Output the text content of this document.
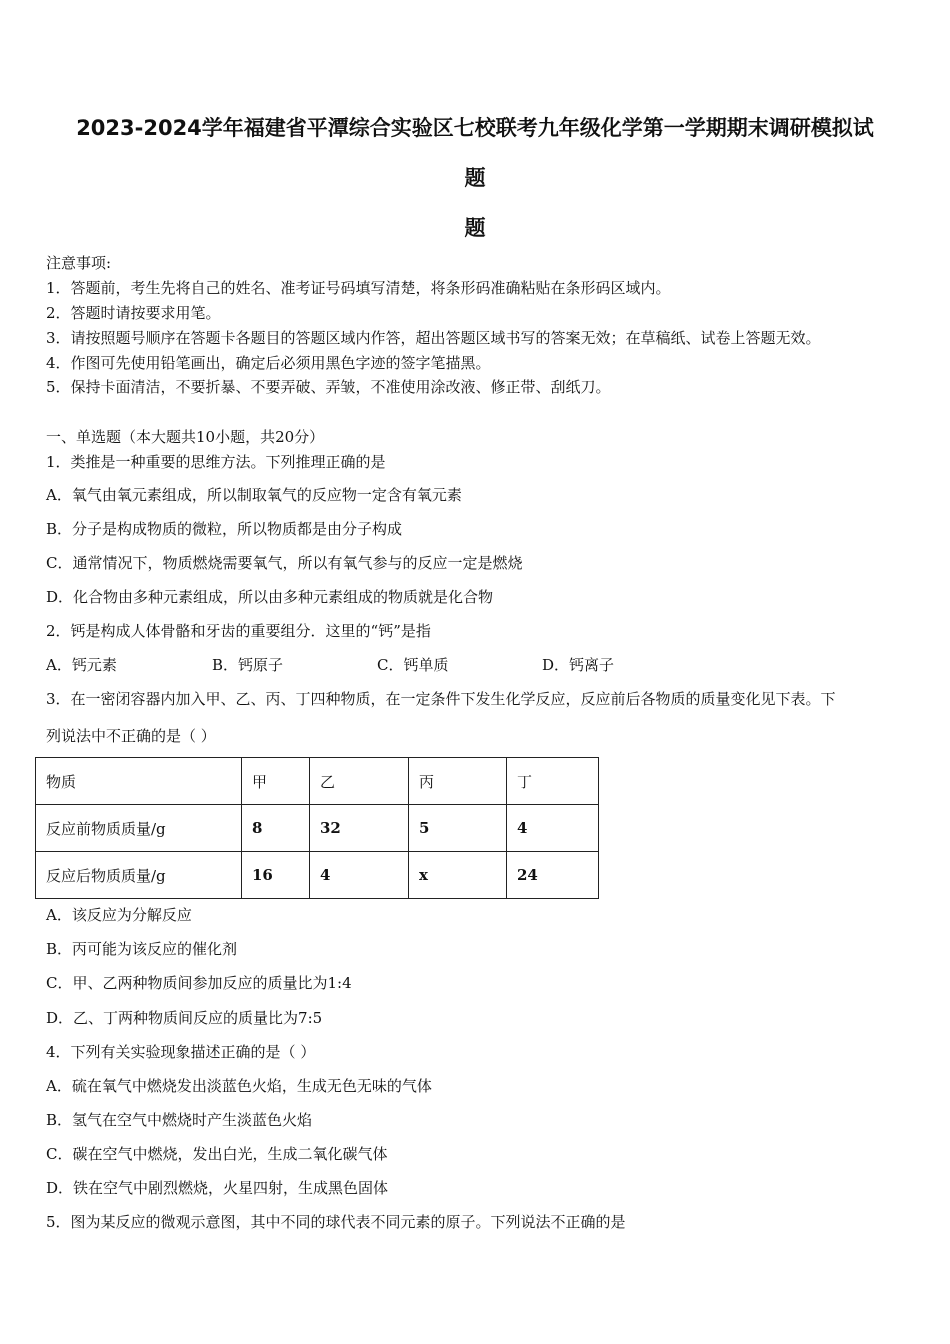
2023-2024学年福建省平潭综合实验区七校联考九年级化学第一学期期末调研模拟试
题
题
注意事项:
1．答题前，考生先将自己的姓名、准考证号码填写清楚，将条形码准确粘贴在条形码区域内。
2．答题时请按要求用笔。
3．请按照题号顺序在答题卡各题目的答题区域内作答，超出答题区域书写的答案无效；在草稿纸、试卷上答题无效。
4．作图可先使用铅笔画出，确定后必须用黑色字迹的签字笔描黑。
5．保持卡面清洁，不要折暴、不要弄破、弄皱，不准使用涂改液、修正带、刮纸刀。
一、单选题（本大题共10小题，共20分）
1．类推是一种重要的思维方法。下列推理正确的是
A．氧气由氧元素组成，所以制取氧气的反应物一定含有氧元素
B．分子是构成物质的微粒，所以物质都是由分子构成
C．通常情况下，物质燃烧需要氧气，所以有氧气参与的反应一定是燃烧
D．化合物由多种元素组成，所以由多种元素组成的物质就是化合物
2．钙是构成人体骨骼和牙齿的重要组分．这里的“钙”是指
A．钙元素	B．钙原子	C．钙单质	D．钙离子
3．在一密闭容器内加入甲、乙、丙、丁四种物质，在一定条件下发生化学反应，反应前后各物质的质量变化见下表。下
列说法中不正确的是（ ）
物质	甲	乙	丙	丁
反应前物质质量/g	8	32	5	4
反应后物质质量/g	16	4	x	24
A．该反应为分解反应
B．丙可能为该反应的催化剂
C．甲、乙两种物质间参加反应的质量比为1:4
D．乙、丁两种物质间反应的质量比为7:5
4．下列有关实验现象描述正确的是（ ）
A．硫在氧气中燃烧发出淡蓝色火焰，生成无色无味的气体
B．氢气在空气中燃烧时产生淡蓝色火焰
C．碳在空气中燃烧，发出白光，生成二氧化碳气体
D．铁在空气中剧烈燃烧，火星四射，生成黑色固体
5．图为某反应的微观示意图，其中不同的球代表不同元素的原子。下列说法不正确的是
